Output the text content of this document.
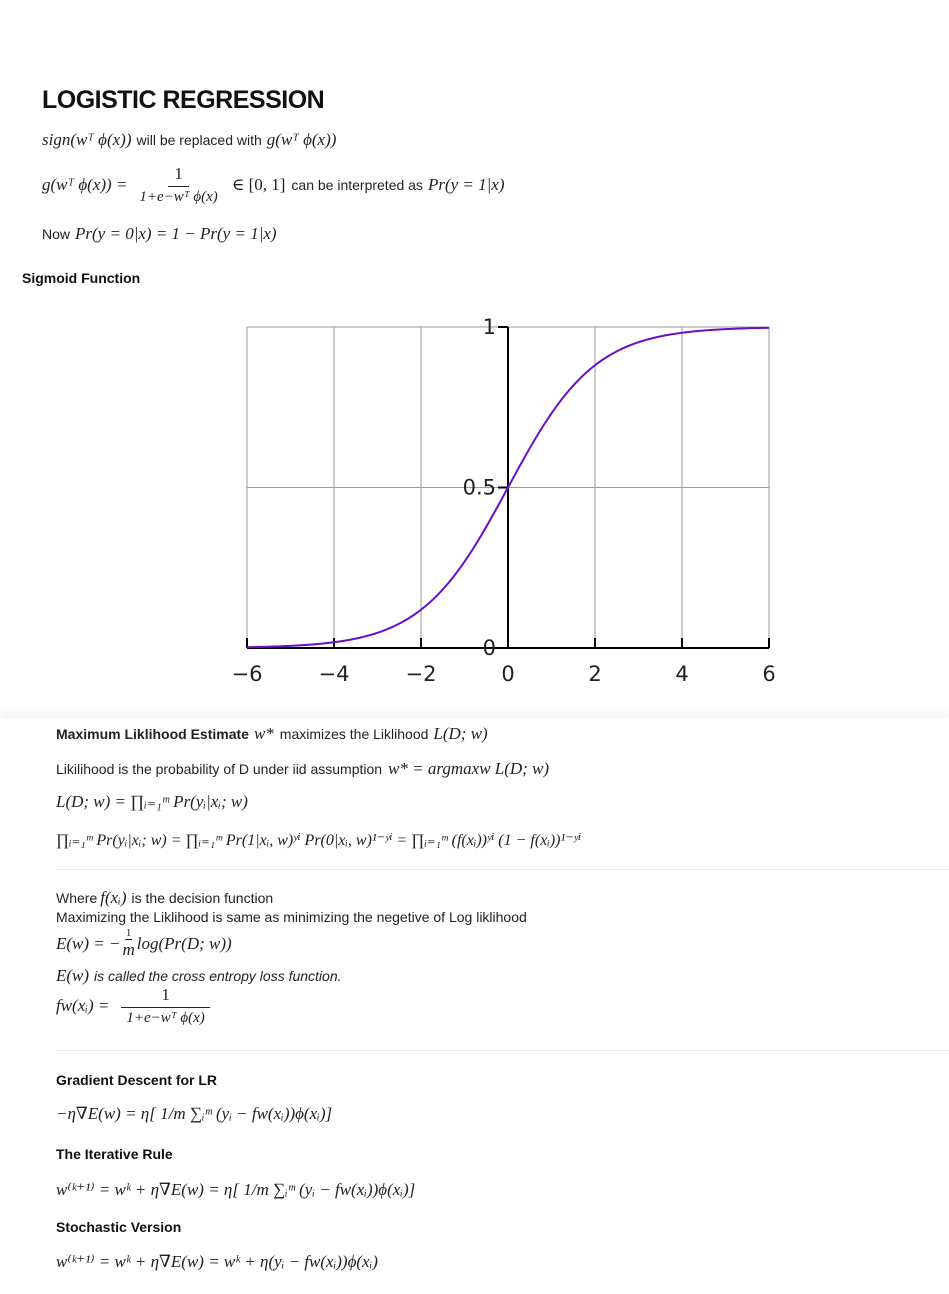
LOGISTIC REGRESSION
sign(wᵀ ϕ(x)) will be replaced with g(wᵀ ϕ(x))
g(wᵀ $\phi(x)) = \frac{1}{\text{1+e−wᵀ ϕ(x)}}$ ∈ [0, 1] can be interpreted as Pr(y = 1|x)
Now Pr(y = 0|x) = 1 − Pr(y = 1|x)
Sigmoid Function
−6	−4	−2	0	2	4	6
0
0.5
1
Maximum Liklihood Estimate w* maximizes the Liklihood L(D; w)
Likilihood is the probability of D under iid assumption w* = argmaxw L(D; w)
L(D; w) = ∏ᵢ₌₁ᵐ Pr(yᵢ|xᵢ; w)
∏ᵢ₌₁ᵐ Pr(yᵢ|xᵢ; w) = ∏ᵢ₌₁ᵐ Pr(1|xᵢ, w)ʸⁱ Pr(0|xᵢ, w)¹⁻ʸⁱ = ∏ᵢ₌₁ᵐ (f(xᵢ))ʸⁱ (1 − f(xᵢ))¹⁻ʸⁱ
Where f(xᵢ) is the decision function
Maximizing the Liklihood is same as minimizing the negetive of Log liklihood
E(w) = − $\frac{1}{m} \log(Pr(D$; w))
E(w) is called the cross entropy loss function.
fw(xᵢ) = $\frac{1}{\text{1+e−wᵀ ϕ(x)}}$
Gradient Descent for LR
−η∇E(w) = η[ 1/m ∑ᵢᵐ (yᵢ − fw(xᵢ))ϕ(xᵢ)]
The Iterative Rule
w⁽ᵏ⁺¹⁾ = wᵏ + η∇E(w) = η[ 1/m ∑ᵢᵐ (yᵢ − fw(xᵢ))ϕ(xᵢ)]
Stochastic Version
w⁽ᵏ⁺¹⁾ = wᵏ + η∇E(w) = wᵏ + η(yᵢ − fw(xᵢ))ϕ(xᵢ)
